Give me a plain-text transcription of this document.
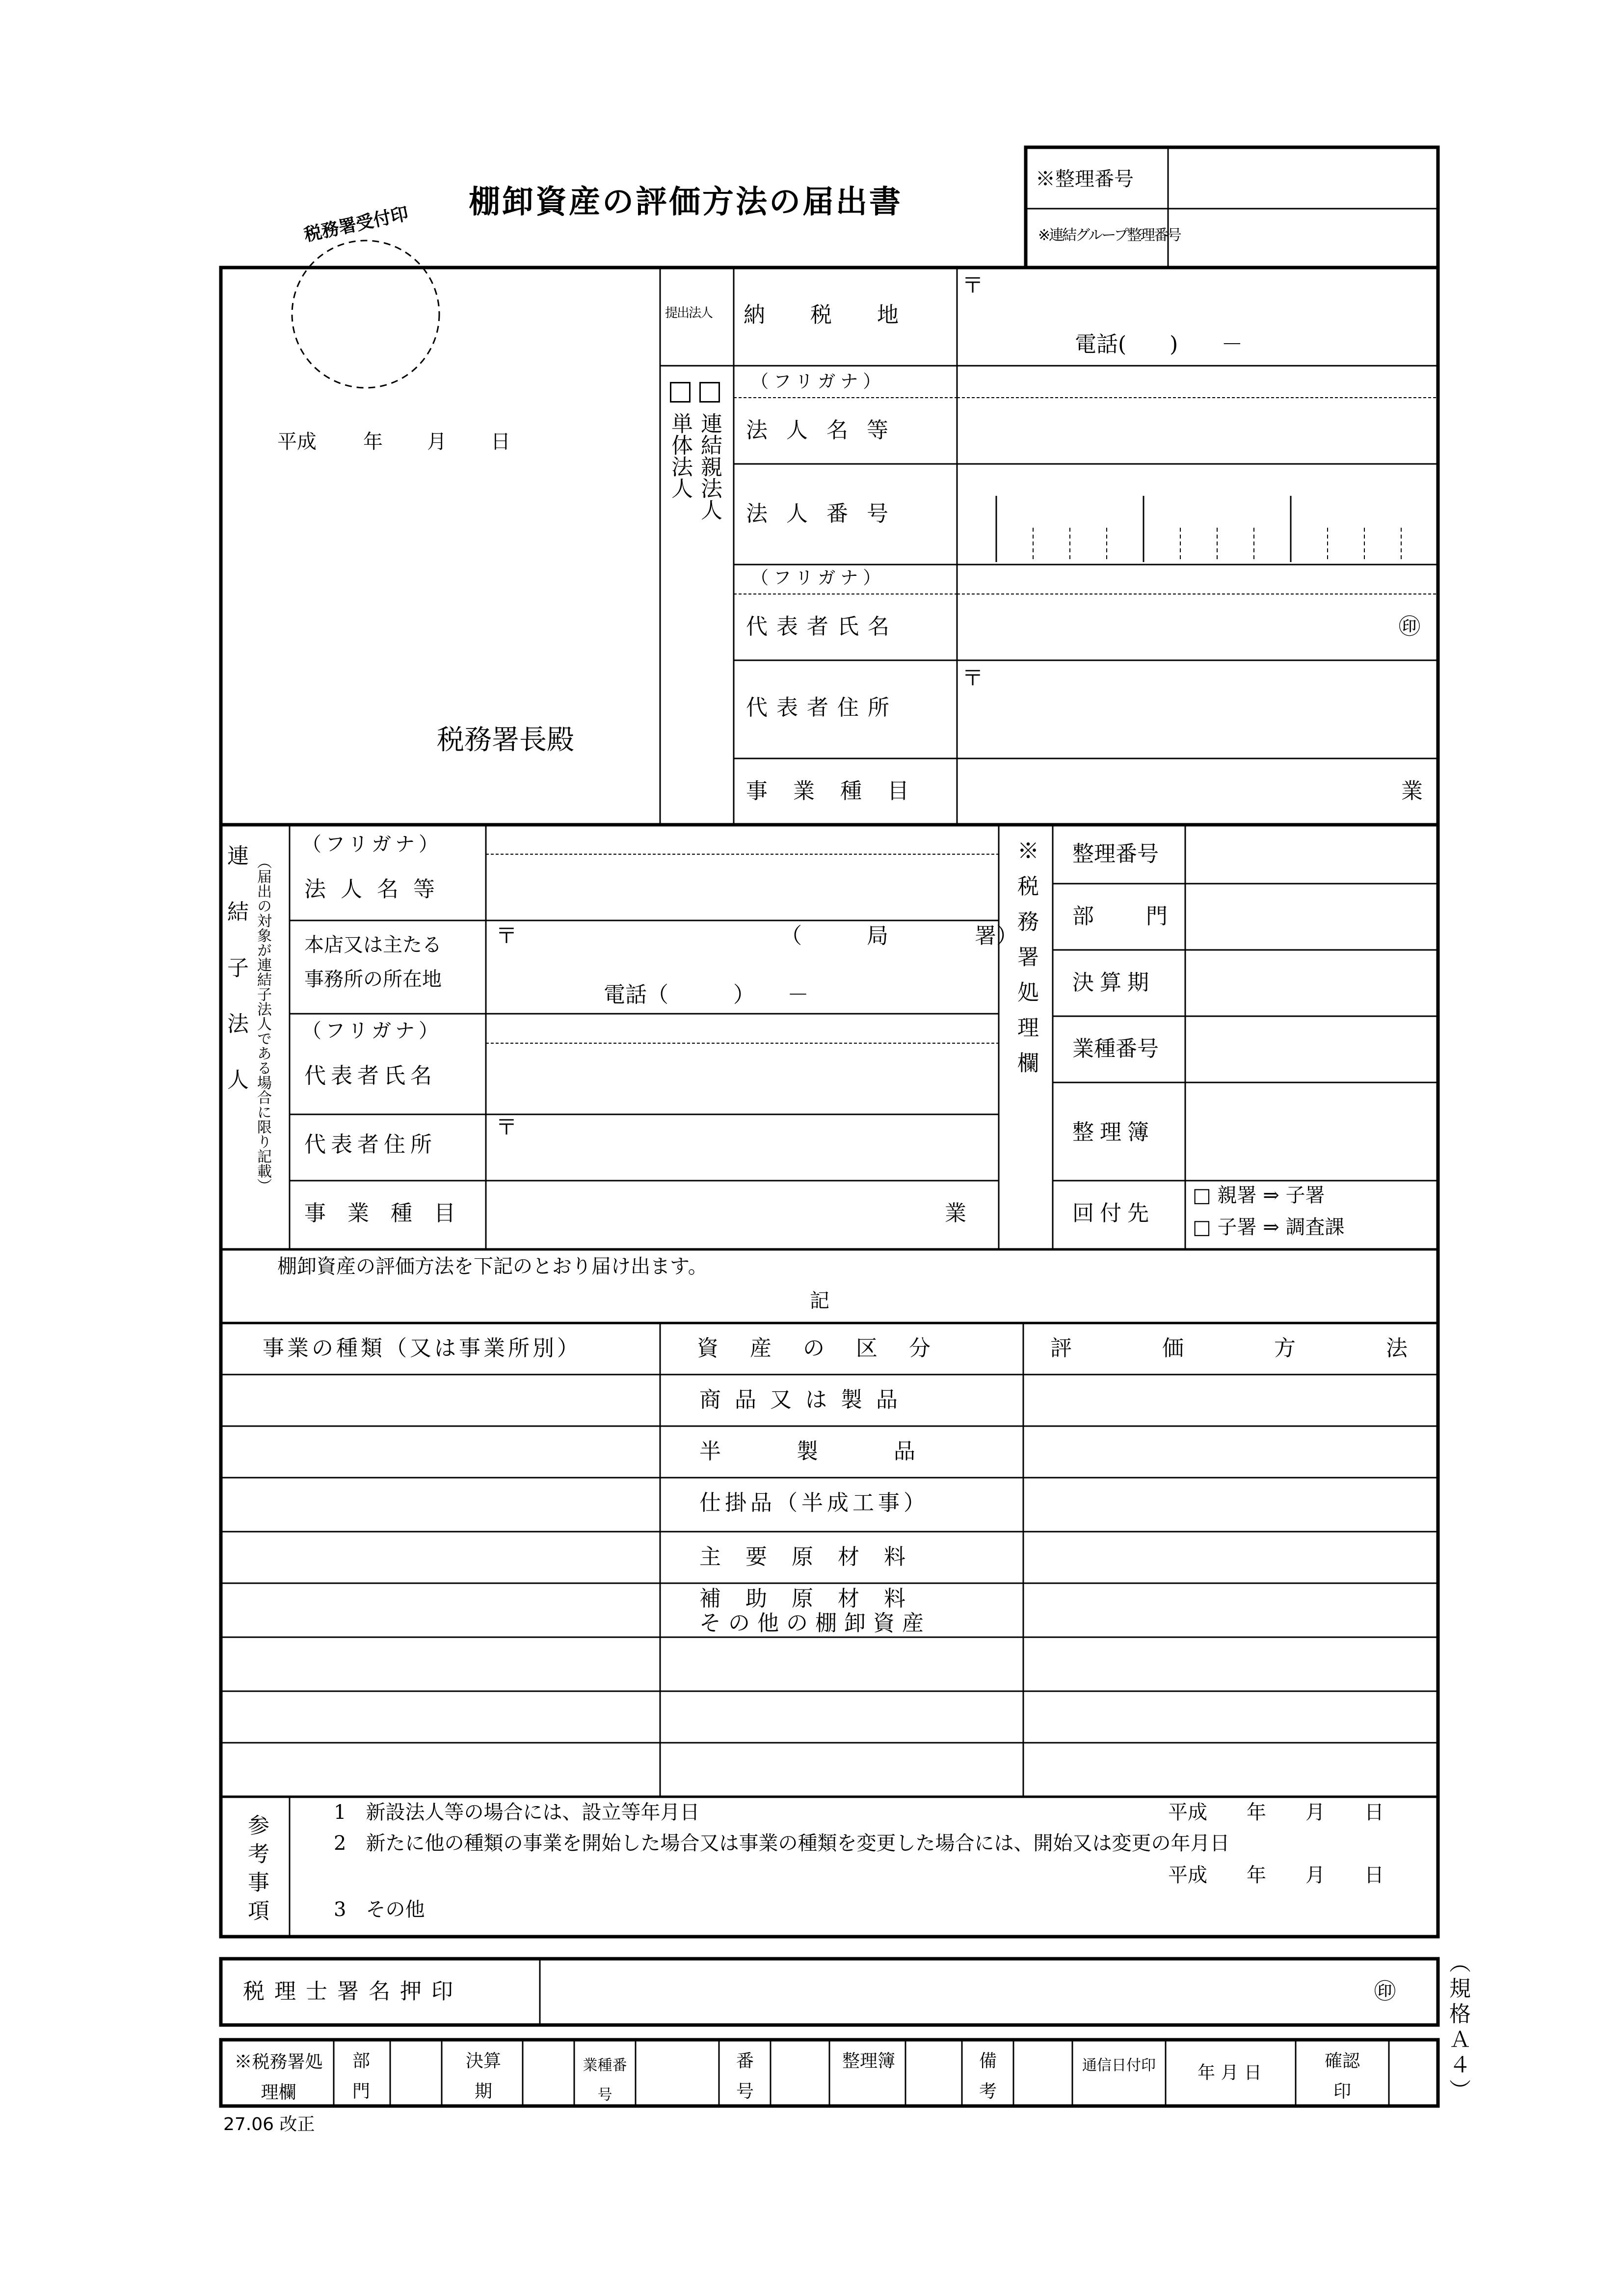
棚卸資産の評価方法の届出書
※整理番号
※連結グループ整理番号
税務署受付印
平成 年 月 日
税務署長殿
提出法人
単体法人 連結親法人
納　税　地
〒
電話(　　)　　－
（フリガナ）
法人名等
法人番号
（フリガナ）
代表者氏名	㊞
〒
代表者住所
事業種目	業
連結子法人 （届出の対象が連結子法人である場合に限り記載）
（フリガナ）
法人名等
本店又は主たる
事務所の所在地
〒	（　　　局　　　　署）
電話（　　　）　　－
（フリガナ）
代表者氏名
〒
代表者住所
事業種目	業
※税務署処理欄 整理番号
部　　門
決算期
業種番号
整理簿
回付先
□ 親署 ⇒ 子署
□ 子署 ⇒ 調査課
棚卸資産の評価方法を下記のとおり届け出ます。
記
事業の種類（又は事業所別）	資　産　の　区　分	評　　価　　方　　法
商品又は製品
半　　製　　品
仕掛品（半成工事）
主要原材料
補助原材料
その他の棚卸資産
参考事項
1　新設法人等の場合には、設立等年月日	平成　　年　　月　　日
2　新たに他の種類の事業を開始した場合又は事業の種類を変更した場合には、開始又は変更の年月日
平成　　年　　月　　日
3　その他
税理士署名押印	㊞
※税務署処理欄
部門
決算期
業種番号
番号
整理簿	備考
通信日付印 年 月 日
確認印
27.06 改正
（規格Ａ４）
